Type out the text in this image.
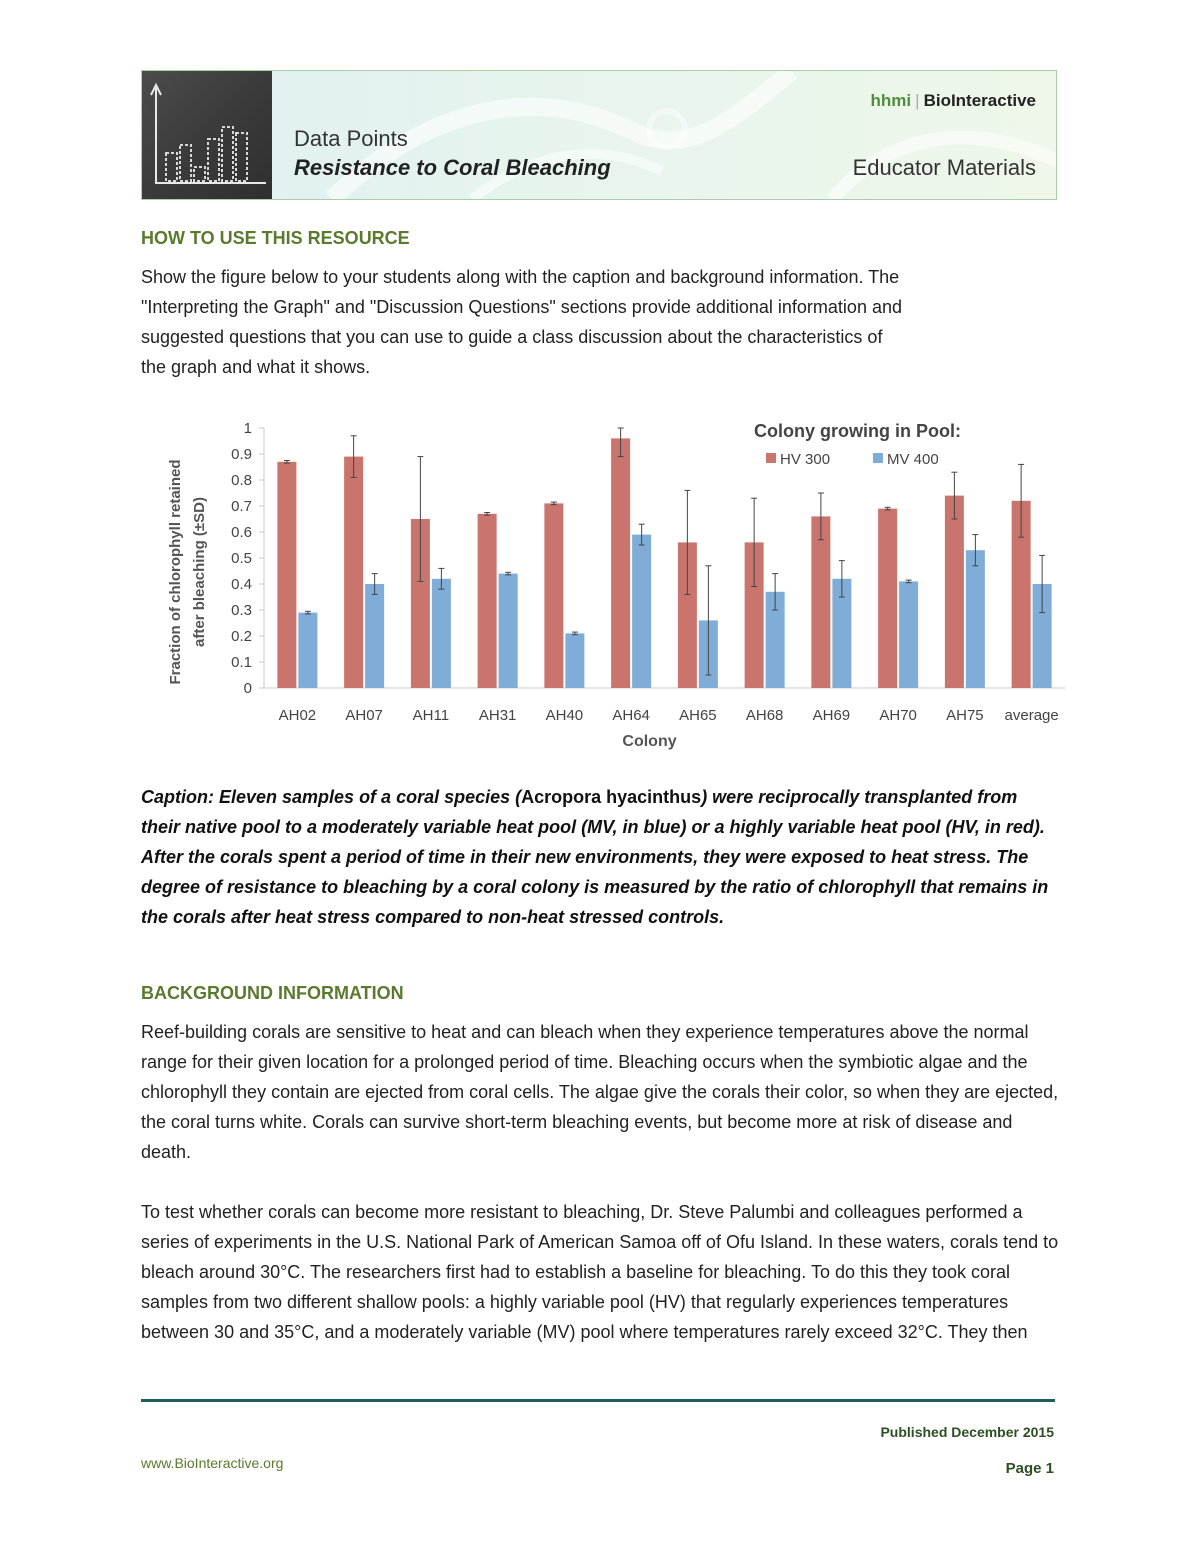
hhmi | BioInteractive
Data Points
Resistance to Coral Bleaching	Educator Materials
HOW TO USE THIS RESOURCE
Show the figure below to your students along with the caption and background information. The
"Interpreting the Graph" and "Discussion Questions" sections provide additional information and
suggested questions that you can use to guide a class discussion about the characteristics of
the graph and what it shows.
0
0.1
0.2
0.3
0.4
0.5
0.6
0.7
0.8
0.9
1
AH02 AH07 AH11 AH31 AH40 AH64 AH65 AH68 AH69 AH70 AH75 average
Colony
Fraction of chlorophyll retained after bleaching (±SD)
Colony growing in Pool:
HV 300	MV 400
Caption: Eleven samples of a coral species (Acropora hyacinthus) were reciprocally transplanted from their native pool to a moderately variable heat pool (MV, in blue) or a highly variable heat pool (HV, in red). After the corals spent a period of time in their new environments, they were exposed to heat stress. The degree of resistance to bleaching by a coral colony is measured by the ratio of chlorophyll that remains in the corals after heat stress compared to non-heat stressed controls.
BACKGROUND INFORMATION
Reef-building corals are sensitive to heat and can bleach when they experience temperatures above the normal range for their given location for a prolonged period of time. Bleaching occurs when the symbiotic algae and the chlorophyll they contain are ejected from coral cells. The algae give the corals their color, so when they are ejected, the coral turns white. Corals can survive short-term bleaching events, but become more at risk of disease and death.
To test whether corals can become more resistant to bleaching, Dr. Steve Palumbi and colleagues performed a series of experiments in the U.S. National Park of American Samoa off of Ofu Island. In these waters, corals tend to bleach around 30°C. The researchers first had to establish a baseline for bleaching. To do this they took coral samples from two different shallow pools: a highly variable pool (HV) that regularly experiences temperatures between 30 and 35°C, and a moderately variable (MV) pool where temperatures rarely exceed 32°C. They then
Published December 2015
www.BioInteractive.org	Page 1
